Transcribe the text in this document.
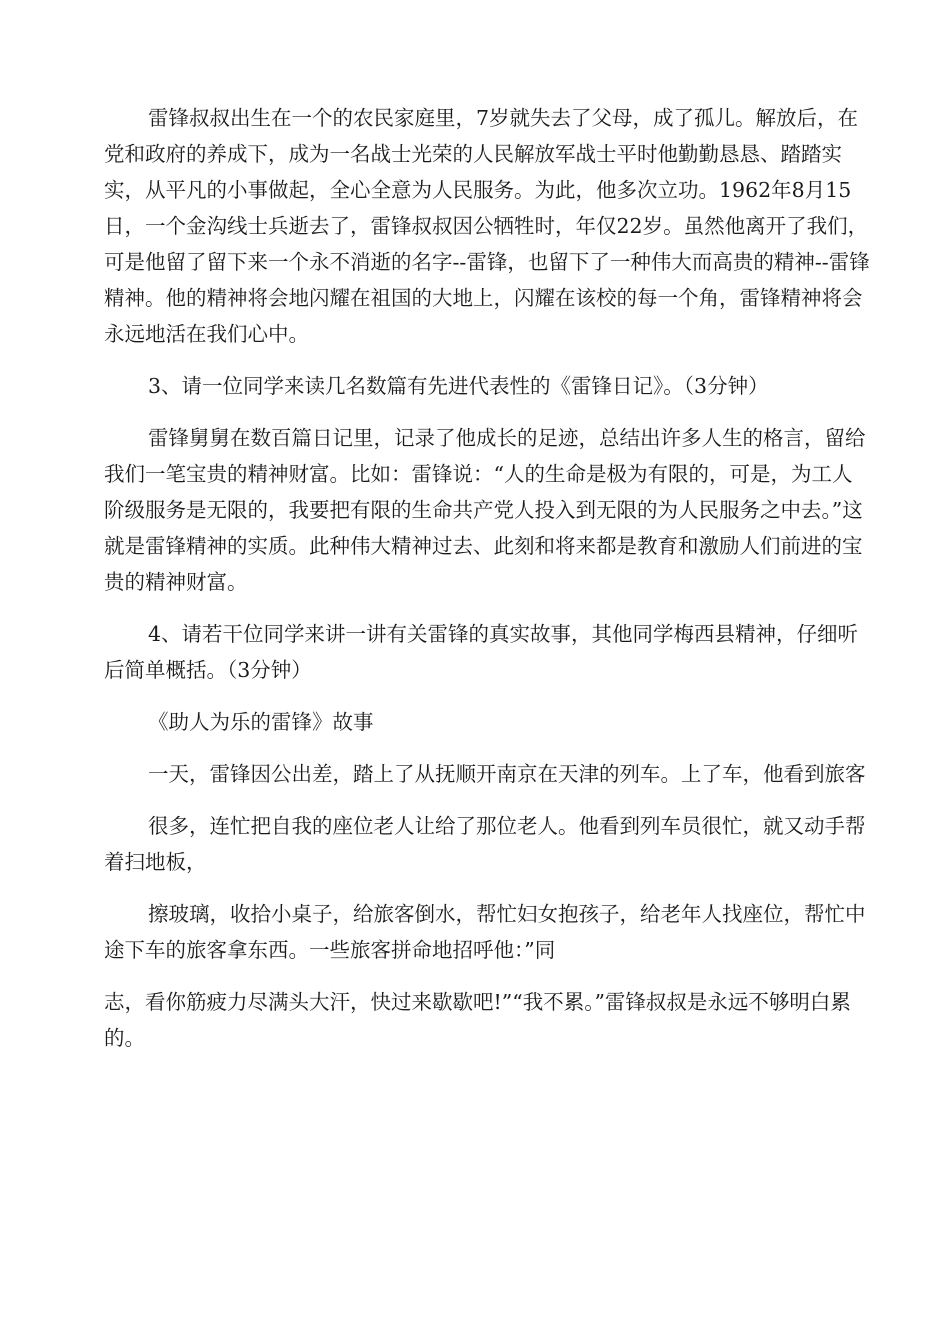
雷锋叔叔出生在一个的农民家庭里，7岁就失去了父母，成了孤儿。解放后，在党和政府的养成下，成为一名战士光荣的人民解放军战士平时他勤勤恳恳、踏踏实实，从平凡的小事做起，全心全意为人民服务。为此，他多次立功。1962年8月15日，一个金沟线士兵逝去了，雷锋叔叔因公牺牲时，年仅22岁。虽然他离开了我们，可是他留了留下来一个永不消逝的名字--雷锋，也留下了一种伟大而高贵的精神--雷锋精神。他的精神将会地闪耀在祖国的大地上，闪耀在该校的每一个角，雷锋精神将会永远地活在我们心中。

3、请一位同学来读几名数篇有先进代表性的《雷锋日记》。（3分钟）

雷锋舅舅在数百篇日记里，记录了他成长的足迹，总结出许多人生的格言，留给我们一笔宝贵的精神财富。比如：雷锋说：“人的生命是极为有限的，可是，为工人阶级服务是无限的，我要把有限的生命共产党人投入到无限的为人民服务之中去。”这就是雷锋精神的实质。此种伟大精神过去、此刻和将来都是教育和激励人们前进的宝贵的精神财富。

4、请若干位同学来讲一讲有关雷锋的真实故事，其他同学梅西县精神，仔细听后简单概括。（3分钟）

《助人为乐的雷锋》故事

一天，雷锋因公出差，踏上了从抚顺开南京在天津的列车。上了车，他看到旅客

很多，连忙把自我的座位老人让给了那位老人。他看到列车员很忙，就又动手帮着扫地板，

擦玻璃，收拾小桌子，给旅客倒水，帮忙妇女抱孩子，给老年人找座位，帮忙中途下车的旅客拿东西。一些旅客拼命地招呼他：”同

志，看你筋疲力尽满头大汗，快过来歇歇吧!”“我不累。”雷锋叔叔是永远不够明白累的。
